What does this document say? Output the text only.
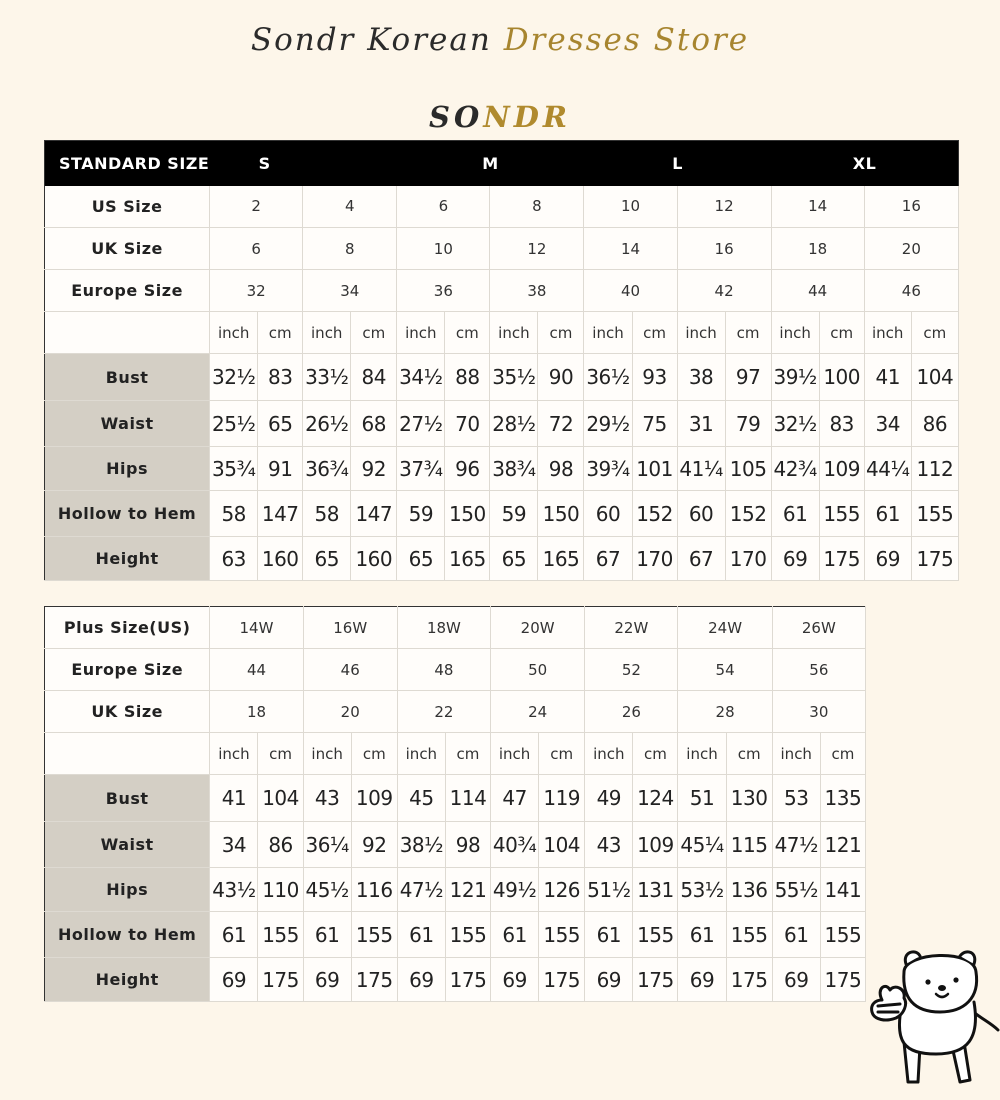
Sondr Korean Dresses Store
SONDR
STANDARD SIZE	S				M				L				XL			
US Size	2		4		6		8		10		12		14		16	
UK Size	6		8		10		12		14		16		18		20	
Europe Size	32		34		36		38		40		42		44		46	
	inch	cm	inch	cm	inch	cm	inch	cm	inch	cm	inch	cm	inch	cm	inch	cm
Bust	32½	83	33½	84	34½	88	35½	90	36½	93	38	97	39½	100	41	104
Waist	25½	65	26½	68	27½	70	28½	72	29½	75	31	79	32½	83	34	86
Hips	35¾	91	36¾	92	37¾	96	38¾	98	39¾	101	41¼	105	42¾	109	44¼	112
Hollow to Hem	58	147	58	147	59	150	59	150	60	152	60	152	61	155	61	155
Height	63	160	65	160	65	165	65	165	67	170	67	170	69	175	69	175
Plus Size(US)	14W		16W		18W		20W		22W		24W		26W	
Europe Size	44		46		48		50		52		54		56	
UK Size	18		20		22		24		26		28		30	
	inch	cm	inch	cm	inch	cm	inch	cm	inch	cm	inch	cm	inch	cm
Bust	41	104	43	109	45	114	47	119	49	124	51	130	53	135
Waist	34	86	36¼	92	38½	98	40¾	104	43	109	45¼	115	47½	121
Hips	43½	110	45½	116	47½	121	49½	126	51½	131	53½	136	55½	141
Hollow to Hem	61	155	61	155	61	155	61	155	61	155	61	155	61	155
Height	69	175	69	175	69	175	69	175	69	175	69	175	69	175
